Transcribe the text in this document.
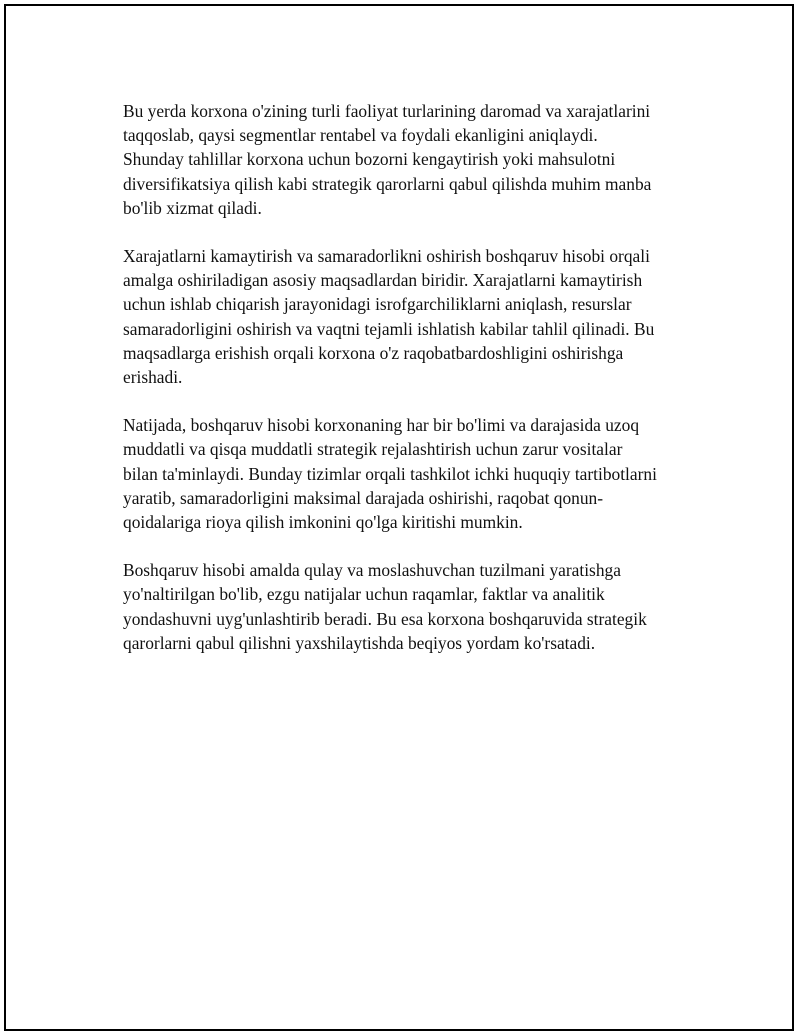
Bu yerda korxona o'zining turli faoliyat turlarining daromad va xarajatlarini
taqqoslab, qaysi segmentlar rentabel va foydali ekanligini aniqlaydi.
Shunday tahlillar korxona uchun bozorni kengaytirish yoki mahsulotni
diversifikatsiya qilish kabi strategik qarorlarni qabul qilishda muhim manba
bo'lib xizmat qiladi.

Xarajatlarni kamaytirish va samaradorlikni oshirish boshqaruv hisobi orqali
amalga oshiriladigan asosiy maqsadlardan biridir. Xarajatlarni kamaytirish
uchun ishlab chiqarish jarayonidagi isrofgarchiliklarni aniqlash, resurslar
samaradorligini oshirish va vaqtni tejamli ishlatish kabilar tahlil qilinadi. Bu
maqsadlarga erishish orqali korxona o'z raqobatbardoshligini oshirishga
erishadi.

Natijada, boshqaruv hisobi korxonaning har bir bo'limi va darajasida uzoq
muddatli va qisqa muddatli strategik rejalashtirish uchun zarur vositalar
bilan ta'minlaydi. Bunday tizimlar orqali tashkilot ichki huquqiy tartibotlarni
yaratib, samaradorligini maksimal darajada oshirishi, raqobat qonun-
qoidalariga rioya qilish imkonini qo'lga kiritishi mumkin.

Boshqaruv hisobi amalda qulay va moslashuvchan tuzilmani yaratishga
yo'naltirilgan bo'lib, ezgu natijalar uchun raqamlar, faktlar va analitik
yondashuvni uyg'unlashtirib beradi. Bu esa korxona boshqaruvida strategik
qarorlarni qabul qilishni yaxshilaytishda beqiyos yordam ko'rsatadi.
